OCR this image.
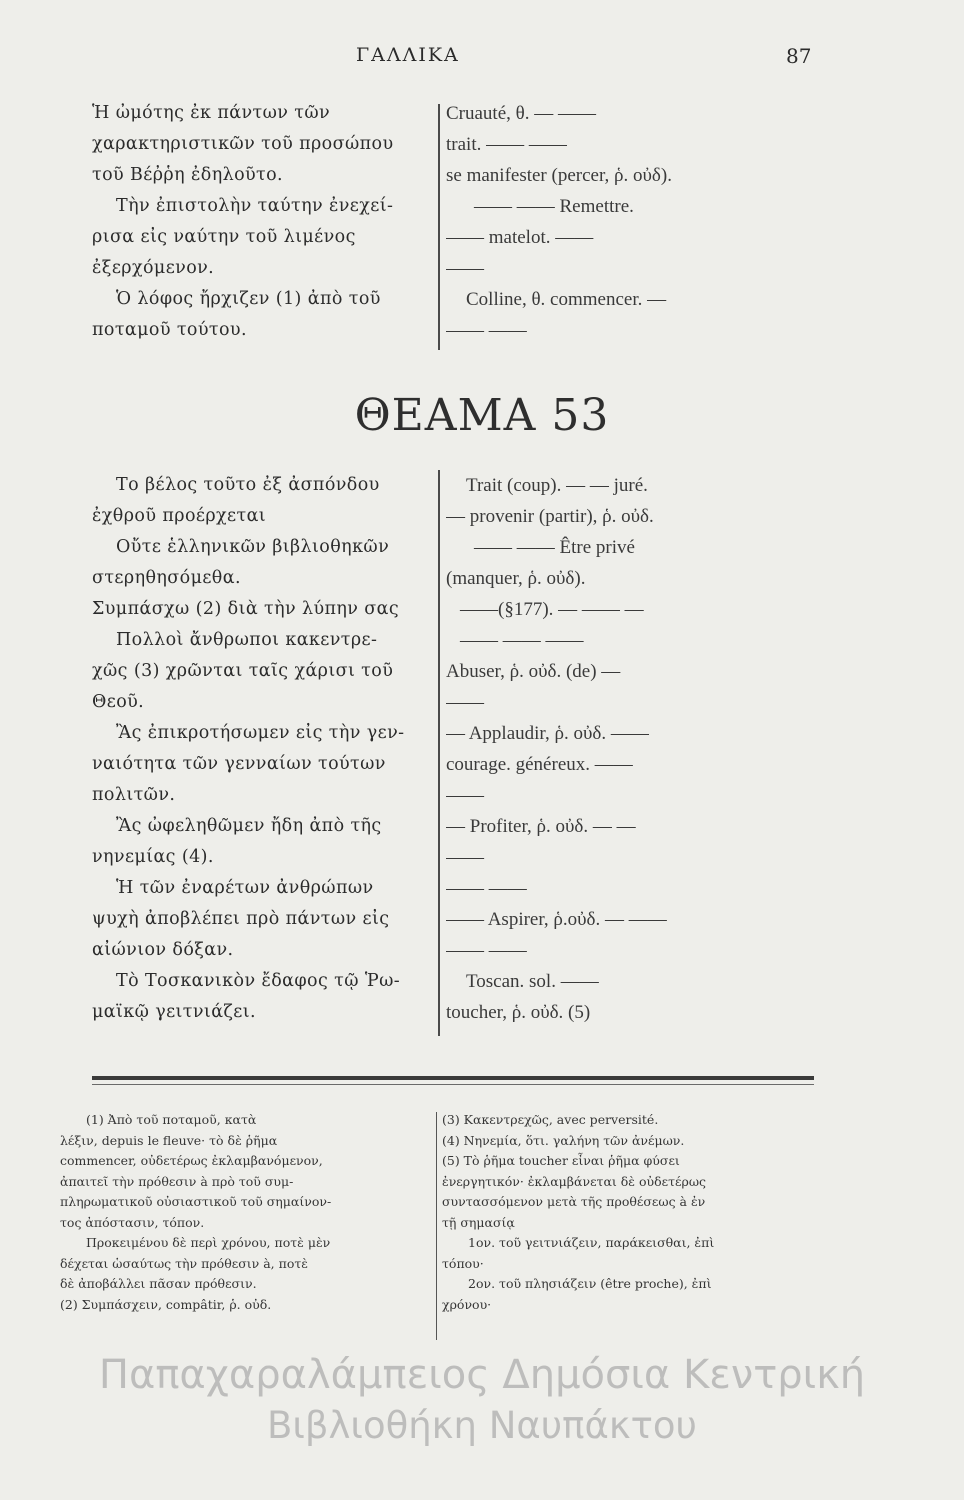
ΓΑΛΛΙΚΑ	87
Ἡ ὠμότης ἐκ πάντων τῶν
χαρακτηριστικῶν τοῦ προσώπου
τοῦ Βέῤῥη ἐδηλοῦτο.
Τὴν ἐπιστολὴν ταύτην ἐνεχεί-
ρισα εἰς ναύτην τοῦ λιμένος
ἐξερχόμενον.
Ὁ λόφος ἤρχιζεν (1) ἀπὸ τοῦ
ποταμοῦ τούτου.
Cruauté, θ. — ——
trait. —— ——
se manifester (percer, ῥ. οὐδ).
—— —— Remettre.
—— matelot. ——
——
Colline, θ. commencer. —
—— ——
ΘΕΑΜΑ 53
Το βέλος τοῦτο ἐξ ἀσπόνδου
ἐχθροῦ προέρχεται
Οὔτε ἑλληνικῶν βιβλιοθηκῶν
στερηθησόμεθα.
Συμπάσχω (2) διὰ τὴν λύπην σας
Πολλοὶ ἄνθρωποι κακεντρε-
χῶς (3) χρῶνται ταῖς χάρισι τοῦ
Θεοῦ.
Ἂς ἐπικροτήσωμεν εἰς τὴν γεν-
ναιότητα τῶν γενναίων τούτων
πολιτῶν.
Ἂς ὠφεληθῶμεν ἤδη ἀπὸ τῆς
νηνεμίας (4).
Ἡ τῶν ἐναρέτων ἀνθρώπων
ψυχὴ ἀποβλέπει πρὸ πάντων εἰς
αἰώνιον δόξαν.
Τὸ Τοσκανικὸν ἔδαφος τῷ Ῥω-
μαϊκῷ γειτνιάζει.
Trait (coup). — — juré.
— provenir (partir), ῥ. οὐδ.
—— —— Être privé
(manquer, ῥ. οὐδ).
——(§177). — —— —
—— —— ——
Abuser, ῥ. οὐδ. (de) —
——
— Applaudir, ῥ. οὐδ. ——
courage. généreux. ——
——
— Profiter, ῥ. οὐδ. — —
——
—— ——
—— Aspirer, ῥ.οὐδ. — ——
—— ——
Toscan. sol. ——
toucher, ῥ. οὐδ. (5)
(1) Ἀπὸ τοῦ ποταμοῦ, κατὰ
λέξιν, depuis le fleuve· τὸ δὲ ῥῆμα
commencer, οὐδετέρως ἐκλαμβανόμενον,
ἀπαιτεῖ τὴν πρόθεσιν à πρὸ τοῦ συμ-
πληρωματικοῦ οὐσιαστικοῦ τοῦ σημαίνον-
τος ἀπόστασιν, τόπον.
Προκειμένου δὲ περὶ χρόνου, ποτὲ μὲν
δέχεται ὡσαύτως τὴν πρόθεσιν à, ποτὲ
δὲ ἀποβάλλει πᾶσαν πρόθεσιν.
(2) Συμπάσχειν, compâtir, ῥ. οὐδ.
(3) Κακεντρεχῶς, avec perversité.
(4) Νηνεμία, ὅτι. γαλήνη τῶν ἀνέμων.
(5) Τὸ ῥῆμα toucher εἶναι ῥῆμα φύσει
ἐνεργητικόν· ἐκλαμβάνεται δὲ οὐδετέρως
συντασσόμενον μετὰ τῆς προθέσεως à ἐν
τῇ σημασίᾳ
1ον. τοῦ γειτνιάζειν, παράκεισθαι, ἐπὶ
τόπου·
2ον. τοῦ πλησιάζειν (être proche), ἐπὶ
χρόνου·
Παπαχαραλάμπειος Δημόσια Κεντρική
Βιβλιοθήκη Ναυπάκτου
